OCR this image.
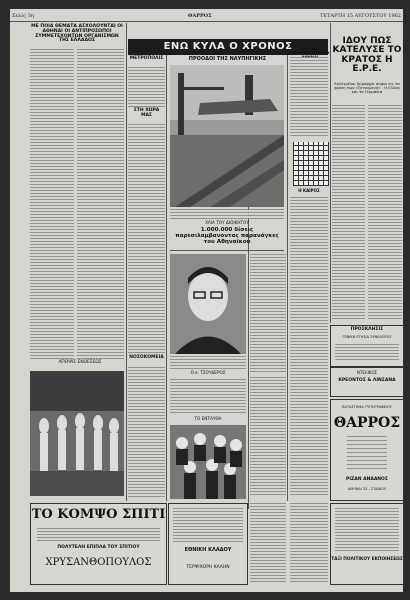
Σελίς 3η	ΘΑΡΡΟΣ	ΤΕΤΑΡΤΗ 15 ΑΥΓΟΥΣΤΟΥ 1962
ΜΕ ΠΟΙΑ ΘΕΜΑΤΑ ΑΣΧΟΛΟΥΝΤΑΙ ΟΙ ΑΘΗΝΑΙ ΟΙ ΑΝΤΙΠΡΟΣΩΠΟΙ ΣΥΜΜΕΤΕΧΟΝΤΩΝ ΟΡΓΑΝΙΣΜΩΝ ΤΗΣ ΕΛΛΑΔΟΣ
ΑΠΟΨΙΣ ΕΚΘΕΣΕΩΣ
ΜΕΤΡΟΠΟΛΙΣ
ΣΤΗ ΧΩΡΑ ΜΑΣ
ΝΟΣΟΚΟΜΕΙΑ
ΕΝΩ ΚΥΛΑ Ο ΧΡΟΝΟΣ
ΠΡΟΟΔΟΙ ΤΗΣ ΝΑΥΠΗΓΙΚΗΣ
ΧΛΙΑ ΤΟΥ ΔΙΟΙΚΗΤΟΥ
1.000.000 δίσεις παρεσιλαμβανοντας παρανάγκες του Αθηναϊκου
Ο κ. ΤΣΟΥΔΕΡΟΣ
ΤΟ ΕΝΤΑΥΘΑ
ΜΕ ΤΟΝ ΠΑΡΑΚΟΛΟΥΘΗΣΗ
Η ΚΑΙΡΟΣ
ΙΔΟΥ ΠΩΣ ΚΑΤΕΛΥΣΕ ΤΟ ΚΡΑΤΟΣ Η Ε.Ρ.Ε.
Εκλεγμένοι δημαρχοι ψηφοι εις τα χρονη των «ζητουμενη» - Η Ελλας και το Γερμανία
ΠΡΟΣΚΛΗΣΙΣ
ΓΕΝΙΚΗ ΕΤΗΣΙΑ ΣΥΝΕΛΕΥΣΙΣ
ΝΤΕΛΙΚΟΣ
ΚΡΕΟΝΤΟΣ & ΛΙΝΣΑΝΑ
ΚΑΤΑΣΤΗΜΑ ΤΥΠΟΓΡΑΦΕΙΟΥ
ΘΑΡΡΟΣ
ΡΙΖΑΝ ΑΝΔΑΝΟΣ
ΑΘΗΝΑΙ 23 - ΣΤΑΔΙΟΥ
ΤΟ ΚΟΜΨΟ ΣΠΙΤΙ
ΠΟΛΥΤΕΛΗ ΕΠΙΠΛΑ ΤΟΥ ΣΠΙΤΙΟΥ
ΧΡΥΣΑΝΘΟΠΟΥΛΟΣ
ΕΘΝΙΚΗ ΚΛΑΔΟΥ
ΤΕΡΨΙΧΟΡΗ ΚΑΛΗΝ
ΤΑΞΙ ΠΟΛΙΤΙΚΟΥ ΕΚΠΟΙΗΣΕΩΣ
